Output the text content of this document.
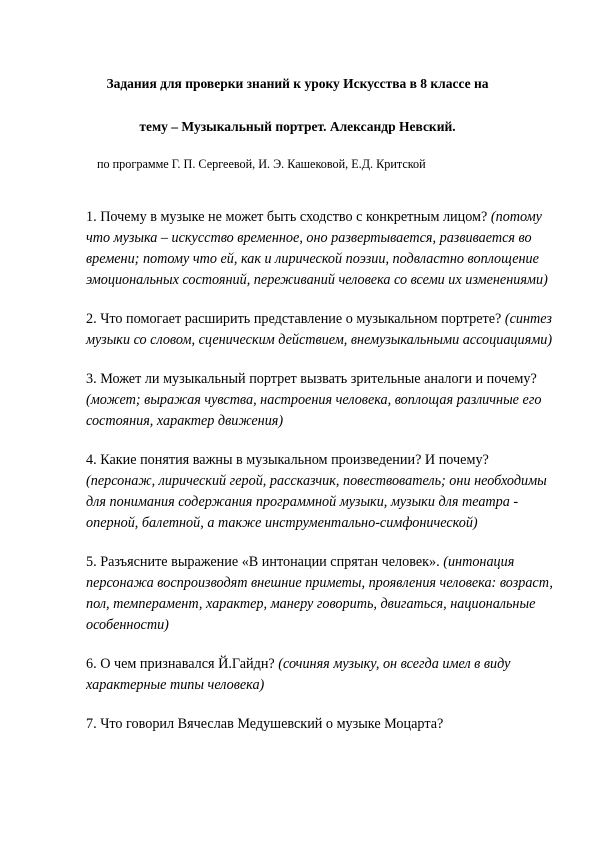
Задания для проверки знаний к уроку Искусства в 8 классе на
тему – Музыкальный портрет. Александр Невский.
по программе Г. П. Сергеевой, И. Э. Кашековой, Е.Д. Критской

1. Почему в музыке не может быть сходство с конкретным лицом? (потому что музыка – искусство временное, оно развертывается, развивается во времени; потому что ей, как и лирической поэзии, подвластно воплощение эмоциональных состояний, переживаний человека со всеми их изменениями)

2. Что помогает расширить представление о музыкальном портрете? (синтез музыки со словом, сценическим действием, внемузыкальными ассоциациями)

3. Может ли музыкальный портрет вызвать зрительные аналоги и почему? (может; выражая чувства, настроения человека, воплощая различные его состояния, характер движения)

4. Какие понятия важны в музыкальном произведении? И почему? (персонаж, лирический герой, рассказчик, повествователь; они необходимы для понимания содержания программной музыки, музыки для театра - оперной, балетной, а также инструментально-симфонической)

5. Разъясните выражение «В интонации спрятан человек». (интонация персонажа воспроизводят внешние приметы, проявления человека: возраст, пол, темперамент, характер, манеру говорить, двигаться, национальные особенности)

6. О чем признавался Й.Гайдн? (сочиняя музыку, он всегда имел в виду характерные типы человека)

7. Что говорил Вячеслав Медушевский о музыке Моцарта?
